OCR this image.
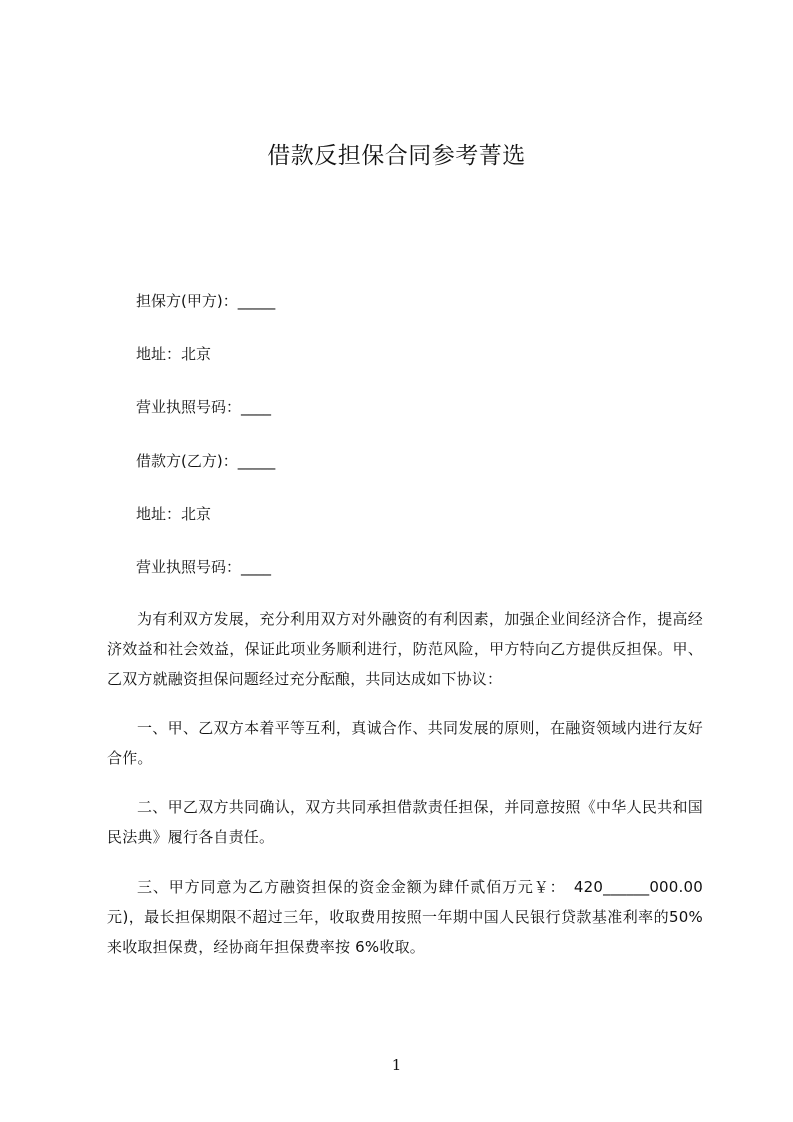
借款反担保合同参考菁选
担保方(甲方)：_____
地址：北京
营业执照号码：____
借款方(乙方)：_____
地址：北京
营业执照号码：____

为有利双方发展，充分利用双方对外融资的有利因素，加强企业间经济合作，提高经济效益和社会效益，保证此项业务顺利进行，防范风险，甲方特向乙方提供反担保。甲、乙双方就融资担保问题经过充分酝酿，共同达成如下协议：

一、甲、乙双方本着平等互利，真诚合作、共同发展的原则，在融资领域内进行友好合作。

二、甲乙双方共同确认，双方共同承担借款责任担保，并同意按照《中华人民共和国民法典》履行各自责任。

三、甲方同意为乙方融资担保的资金金额为肆仟贰佰万元￥：　420______000.00元)，最长担保期限不超过三年，收取费用按照一年期中国人民银行贷款基准利率的50%来收取担保费，经协商年担保费率按 6%收取。

1
